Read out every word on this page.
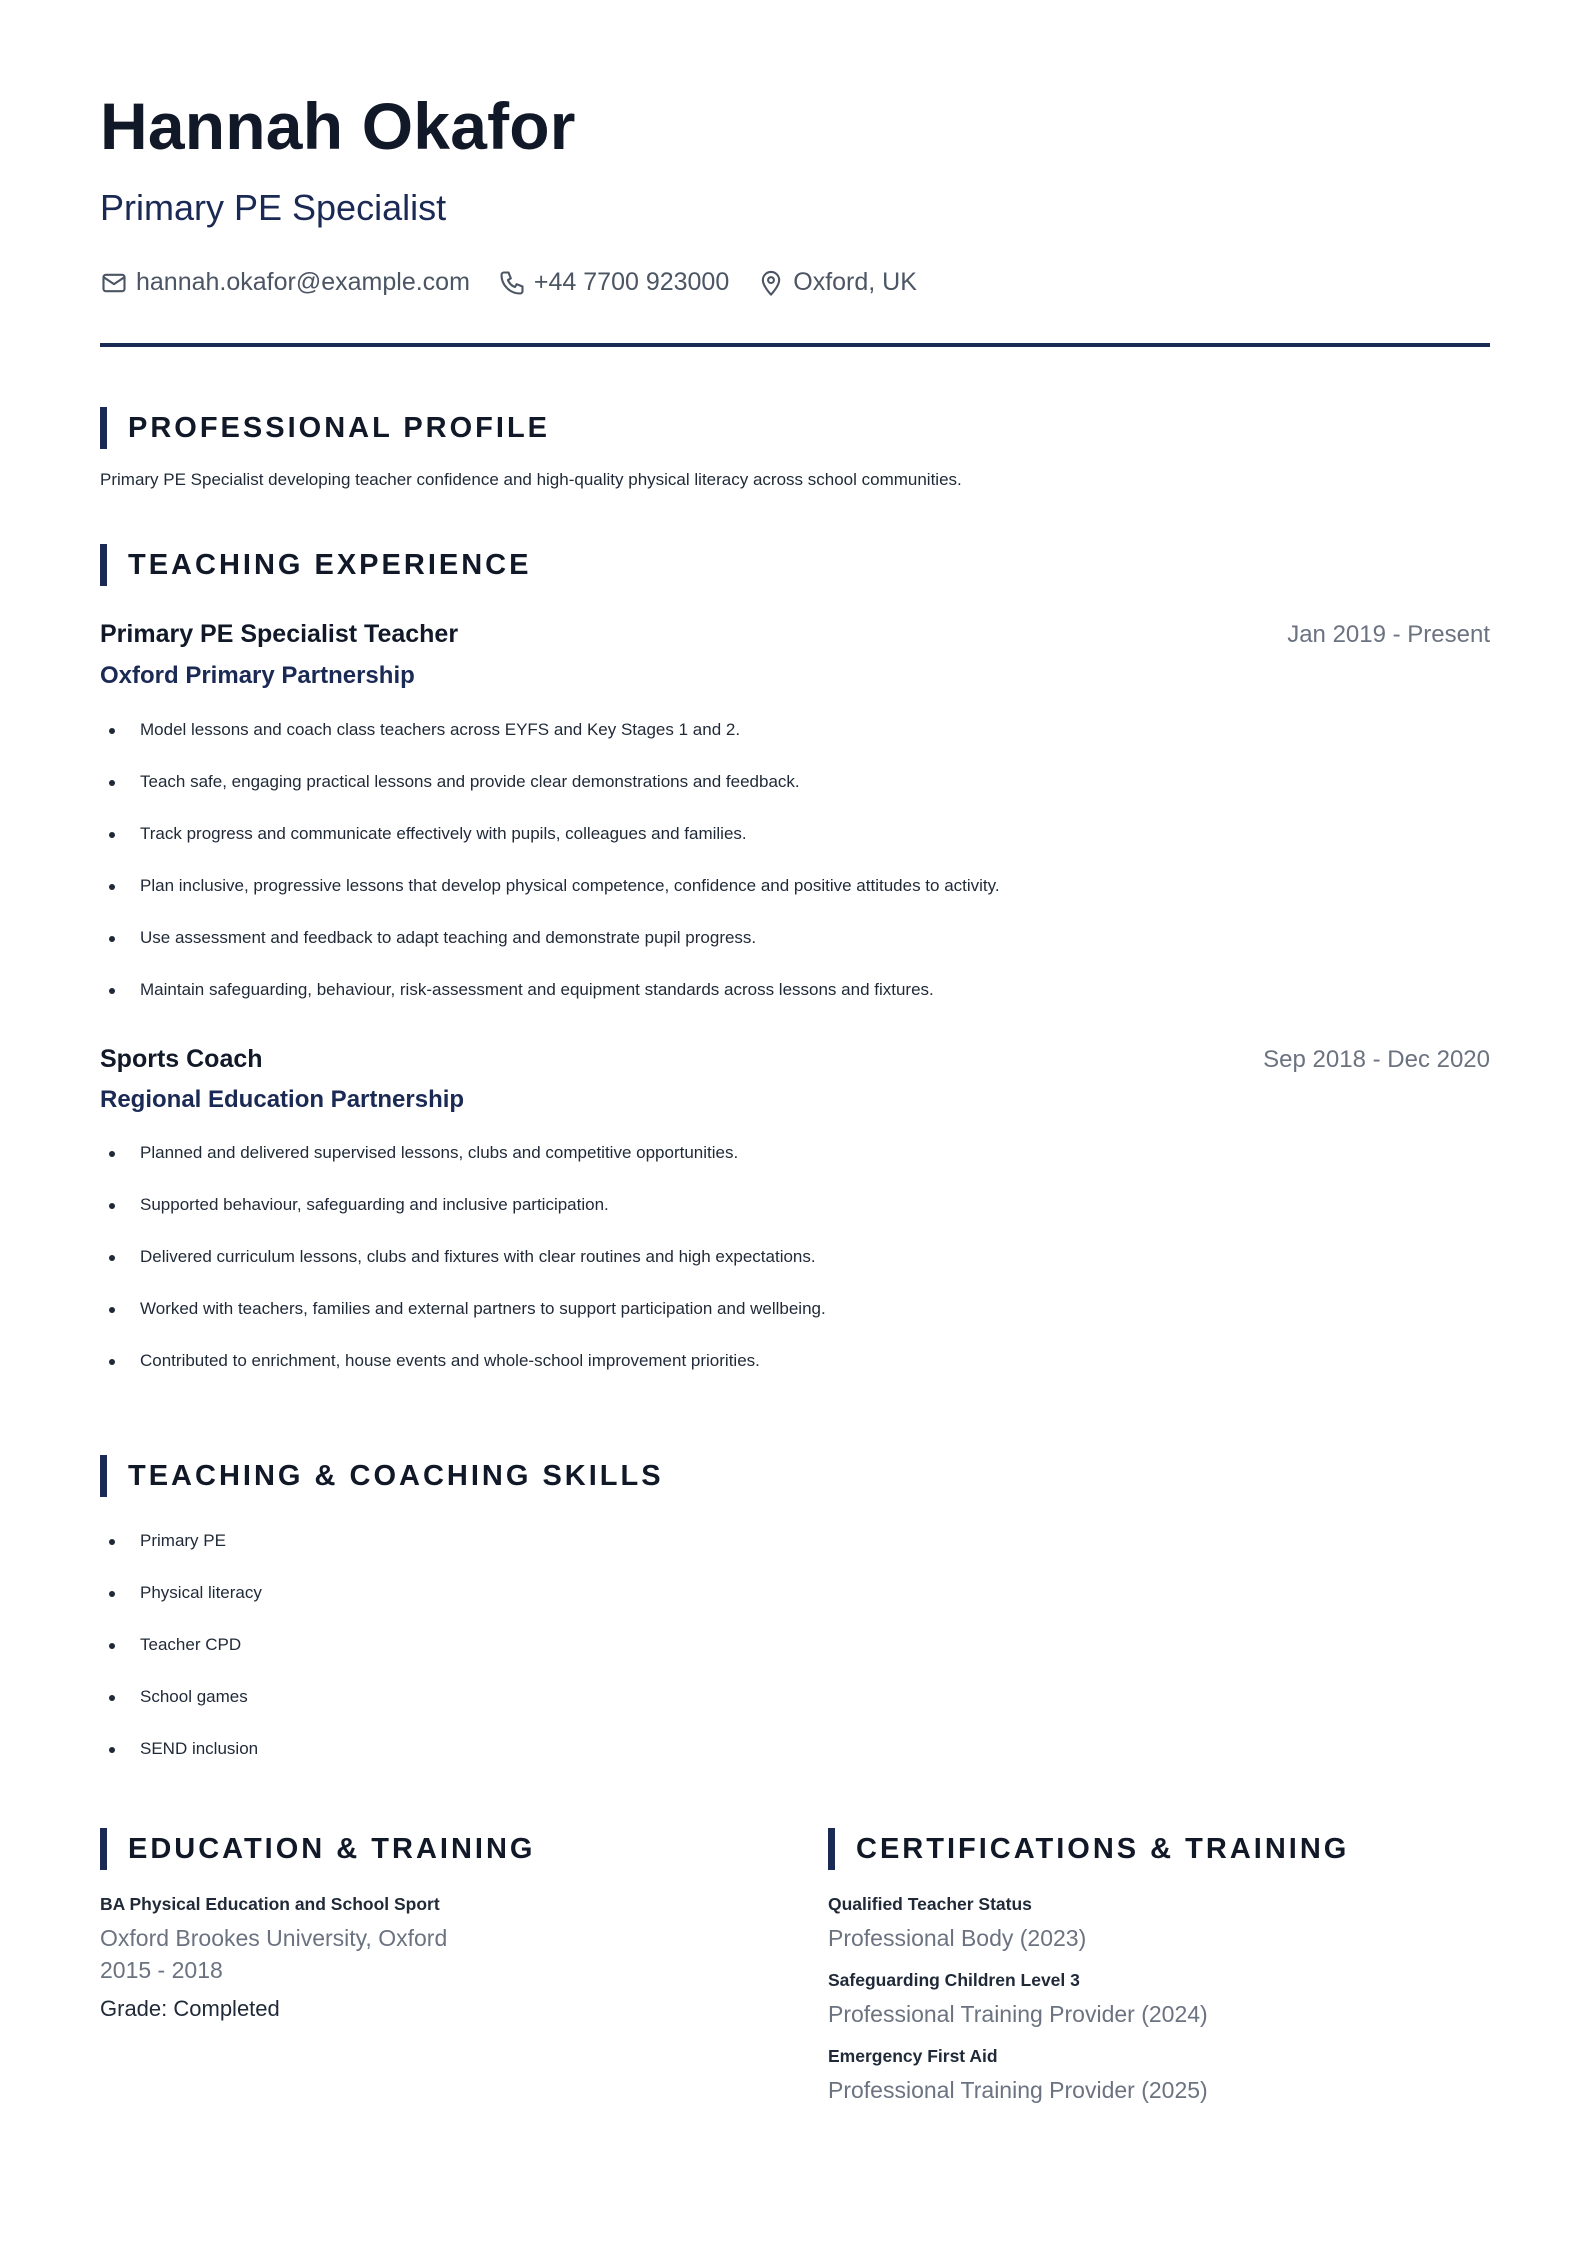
Hannah Okafor
Primary PE Specialist
hannah.okafor@example.com	+44 7700 923000	Oxford, UK
PROFESSIONAL PROFILE
Primary PE Specialist developing teacher confidence and high-quality physical literacy across school communities.
TEACHING EXPERIENCE
Primary PE Specialist Teacher	Jan 2019 - Present
Oxford Primary Partnership
Model lessons and coach class teachers across EYFS and Key Stages 1 and 2.
Teach safe, engaging practical lessons and provide clear demonstrations and feedback.
Track progress and communicate effectively with pupils, colleagues and families.
Plan inclusive, progressive lessons that develop physical competence, confidence and positive attitudes to activity.
Use assessment and feedback to adapt teaching and demonstrate pupil progress.
Maintain safeguarding, behaviour, risk-assessment and equipment standards across lessons and fixtures.
Sports Coach	Sep 2018 - Dec 2020
Regional Education Partnership
Planned and delivered supervised lessons, clubs and competitive opportunities.
Supported behaviour, safeguarding and inclusive participation.
Delivered curriculum lessons, clubs and fixtures with clear routines and high expectations.
Worked with teachers, families and external partners to support participation and wellbeing.
Contributed to enrichment, house events and whole-school improvement priorities.
TEACHING & COACHING SKILLS
Primary PE
Physical literacy
Teacher CPD
School games
SEND inclusion
EDUCATION & TRAINING
BA Physical Education and School Sport
Oxford Brookes University, Oxford
2015 - 2018
Grade: Completed
CERTIFICATIONS & TRAINING
Qualified Teacher Status
Professional Body (2023)
Safeguarding Children Level 3
Professional Training Provider (2024)
Emergency First Aid
Professional Training Provider (2025)
